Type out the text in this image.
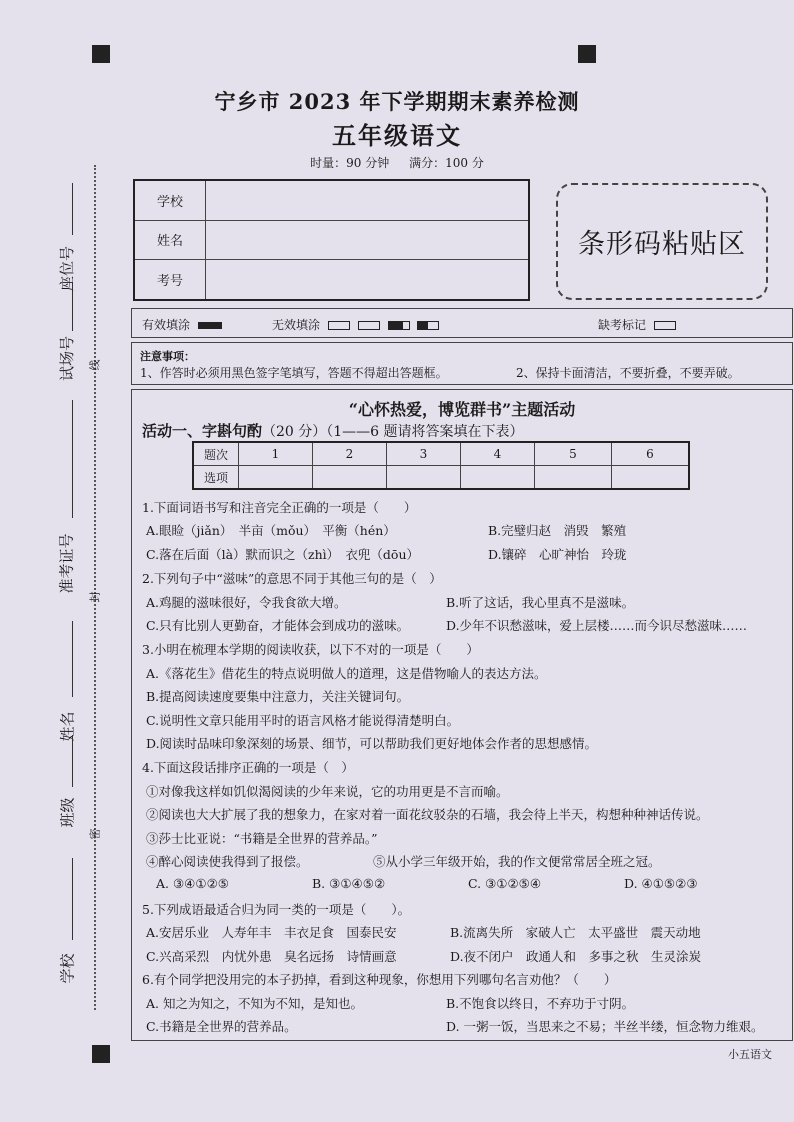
座位号
试场号 线
准考证号
封
姓名
班级
密
学校
宁乡市 2023 年下学期期末素养检测
五年级语文
时量：90 分钟 满分：100 分
学校	
姓名	
考号	
条形码粘贴区
有效填涂	无效填涂	缺考标记
注意事项：
1、作答时必须用黑色签字笔填写，答题不得超出答题框。	2、保持卡面清洁，不要折叠，不要弄破。
“心怀热爱，博览群书”主题活动
活动一、字斟句酌（20 分）（1——6 题请将答案填在下表）
题次	1	2	3	4	5	6
选项						
1.下面词语书写和注音完全正确的一项是（　　）
A.眼睑（jiǎn）　半亩（mǒu）　平衡（hén）	B.完璧归赵　消毁　繁殖
C.落在后面（là）默而识之（zhì）　衣兜（dōu）	D.镶碎　心旷神怡　玲珑
2.下列句子中“滋味”的意思不同于其他三句的是（　）
A.鸡腿的滋味很好，令我食欲大增。	B.听了这话，我心里真不是滋味。
C.只有比别人更勤奋，才能体会到成功的滋味。	D.少年不识愁滋味，爱上层楼……而今识尽愁滋味……
3.小明在梳理本学期的阅读收获，以下不对的一项是（　　）
A.《落花生》借花生的特点说明做人的道理，这是借物喻人的表达方法。
B.提高阅读速度要集中注意力，关注关键词句。
C.说明性文章只能用平时的语言风格才能说得清楚明白。
D.阅读时品味印象深刻的场景、细节，可以帮助我们更好地体会作者的思想感情。
4.下面这段话排序正确的一项是（　）
①对像我这样如饥似渴阅读的少年来说，它的功用更是不言而喻。
②阅读也大大扩展了我的想象力，在家对着一面花纹驳杂的石墙，我会待上半天，构想种种神话传说。
③莎士比亚说：“书籍是全世界的营养品。”
④醉心阅读使我得到了报偿。	⑤从小学三年级开始，我的作文便常常居全班之冠。
A. ③④①②⑤	B. ③①④⑤②	C. ③①②⑤④	D. ④①⑤②③
5.下列成语最适合归为同一类的一项是（　　）。
A.安居乐业　人寿年丰　丰衣足食　国泰民安	B.流离失所　家破人亡　太平盛世　震天动地
C.兴高采烈　内忧外患　臭名远扬　诗情画意	D.夜不闭户　政通人和　多事之秋　生灵涂炭
6.有个同学把没用完的本子扔掉，看到这种现象，你想用下列哪句名言劝他？（　　）
A. 知之为知之，不知为不知，是知也。	B.不饱食以终日，不弃功于寸阴。
C.书籍是全世界的营养品。	D. 一粥一饭，当思来之不易；半丝半缕，恒念物力维艰。
小五语文
